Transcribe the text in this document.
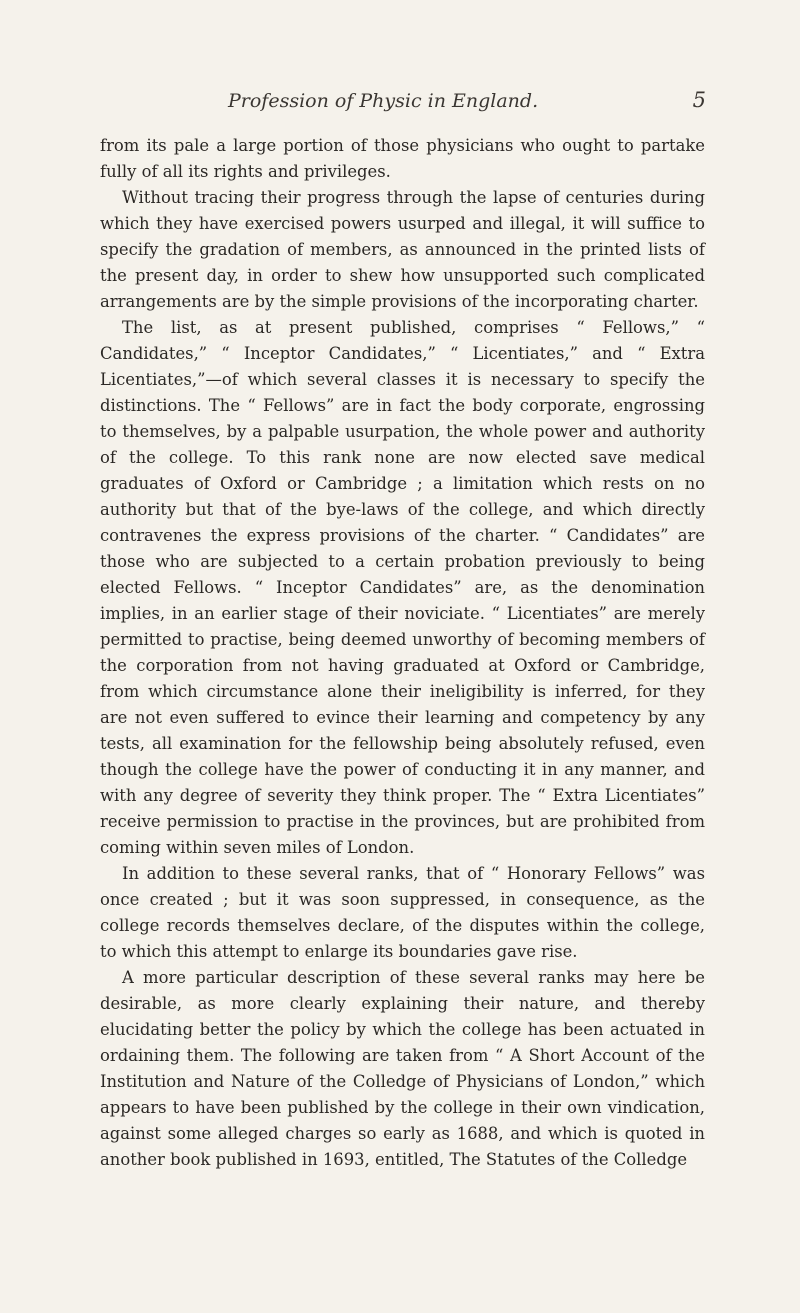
Profession of Physic in England.	5

from its pale a large portion of those physicians who ought to partake fully of all its rights and privileges.

Without tracing their progress through the lapse of centuries during which they have exercised powers usurped and illegal, it will suffice to specify the gradation of members, as announced in the printed lists of the present day, in order to shew how unsupported such complicated arrangements are by the simple provisions of the incorporating charter.

The list, as at present published, comprises “ Fellows,” “ Candidates,” “ Inceptor Candidates,” “ Licentiates,” and “ Extra Licentiates,”—of which several classes it is necessary to specify the distinctions. The “ Fellows” are in fact the body corporate, engrossing to themselves, by a palpable usurpation, the whole power and authority of the college. To this rank none are now elected save medical graduates of Oxford or Cambridge ; a limitation which rests on no authority but that of the bye-laws of the college, and which directly contravenes the express provisions of the charter. “ Candidates” are those who are subjected to a certain probation previously to being elected Fellows. “ Inceptor Candidates” are, as the denomination implies, in an earlier stage of their noviciate. “ Licentiates” are merely permitted to practise, being deemed unworthy of becoming members of the corporation from not having graduated at Oxford or Cambridge, from which circumstance alone their ineligibility is inferred, for they are not even suffered to evince their learning and competency by any tests, all examination for the fellowship being absolutely refused, even though the college have the power of conducting it in any manner, and with any degree of severity they think proper. The “ Extra Licentiates” receive permission to practise in the provinces, but are prohibited from coming within seven miles of London.

In addition to these several ranks, that of “ Honorary Fellows” was once created ; but it was soon suppressed, in consequence, as the college records themselves declare, of the disputes within the college, to which this attempt to enlarge its boundaries gave rise.

A more particular description of these several ranks may here be desirable, as more clearly explaining their nature, and thereby elucidating better the policy by which the college has been actuated in ordaining them. The following are taken from “ A Short Account of the Institution and Nature of the Colledge of Physicians of London,” which appears to have been published by the college in their own vindication, against some alleged charges so early as 1688, and which is quoted in another book published in 1693, entitled, The Statutes of the Colledge
